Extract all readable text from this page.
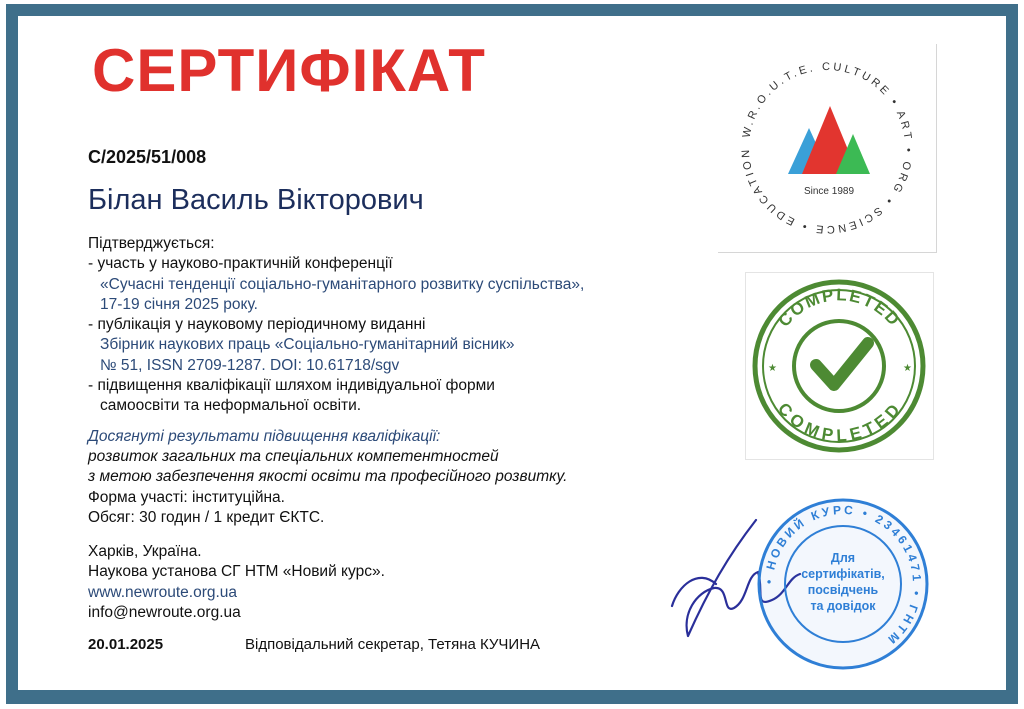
СЕРТИФІКАТ
С/2025/51/008
Білан Василь Вікторович
Підтверджується:
- участь у науково-практичній конференції
«Сучасні тенденції соціально-гуманітарного розвитку суспільства»,
17-19 січня 2025 року.
- публікація у науковому періодичному виданні
Збірник наукових праць «Соціально-гуманітарний вісник»
№ 51, ISSN 2709-1287. DOI: 10.61718/sgv
- підвищення кваліфікації шляхом індивідуальної форми
самоосвіти та неформальної освіти.
Досягнуті результати підвищення кваліфікації:
розвиток загальних та спеціальних компетентностей
з метою забезпечення якості освіти та професійного розвитку.
Форма участі: інституційна.
Обсяг: 30 годин / 1 кредит ЄКТС.
Харків, Україна.
Наукова установа СГ НТМ «Новий курс».
www.newroute.org.ua
info@newroute.org.ua
20.01.2025	Відповідальний секретар, Тетяна КУЧИНА
W.R.O.U.T.E. CULTURE • ART • ORG • SCIENCE • EDUCATION
Since 1989
COMPLETED
COMPLETED
★	★
• НОВИЙ КУРС • 23461471 • ГНТМ
Для
сертифікатів,
посвідчень
та довідок
